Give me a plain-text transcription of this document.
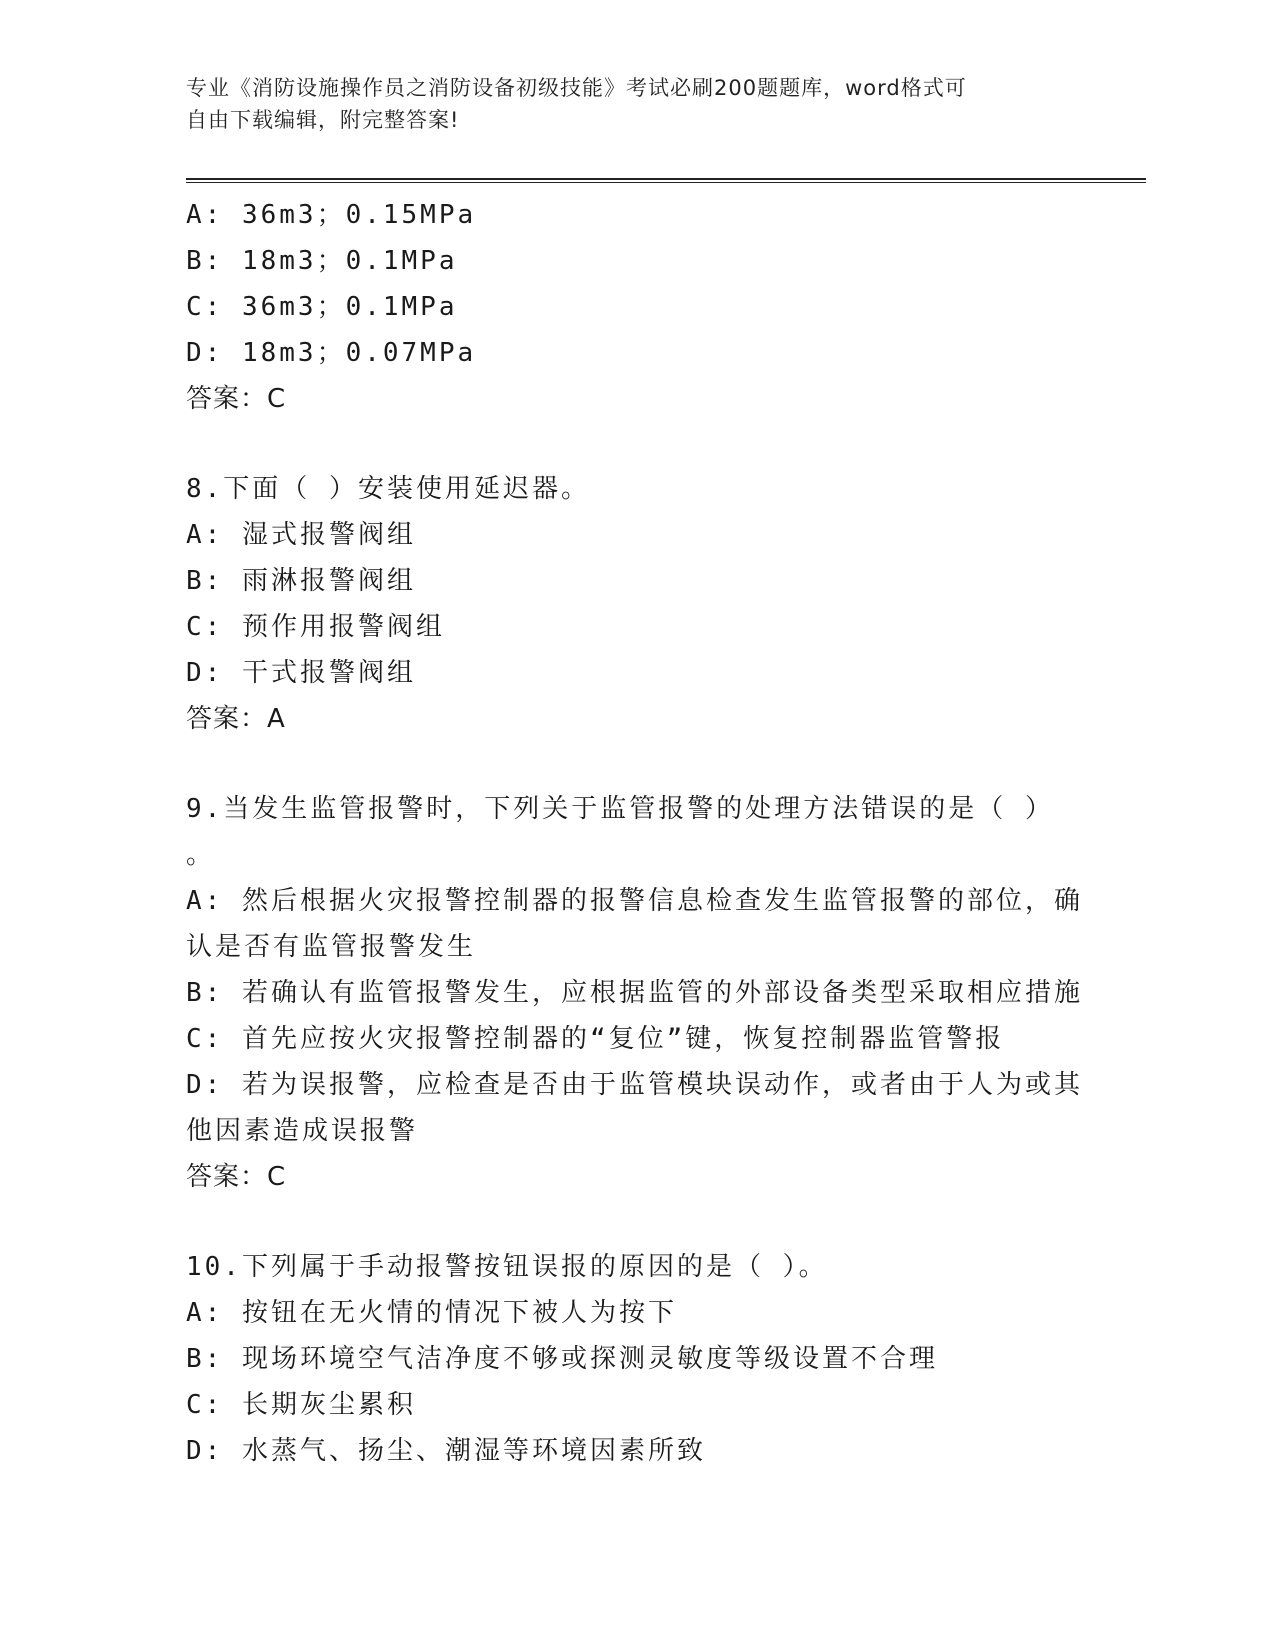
专业《消防设施操作员之消防设备初级技能》考试必刷200题题库，word格式可
自由下载编辑，附完整答案!
A: 36m3；0.15MPa
B: 18m3；0.1MPa
C: 36m3；0.1MPa
D: 18m3；0.07MPa
答案：C
8.下面（ ）安装使用延迟器。
A: 湿式报警阀组
B: 雨淋报警阀组
C: 预作用报警阀组
D: 干式报警阀组
答案：A
9.当发生监管报警时，下列关于监管报警的处理方法错误的是（ ）
。
A: 然后根据火灾报警控制器的报警信息检查发生监管报警的部位，确
认是否有监管报警发生
B: 若确认有监管报警发生，应根据监管的外部设备类型采取相应措施
C: 首先应按火灾报警控制器的“复位”键，恢复控制器监管警报
D: 若为误报警，应检查是否由于监管模块误动作，或者由于人为或其
他因素造成误报警
答案：C
10.下列属于手动报警按钮误报的原因的是（ ）。
A: 按钮在无火情的情况下被人为按下
B: 现场环境空气洁净度不够或探测灵敏度等级设置不合理
C: 长期灰尘累积
D: 水蒸气、扬尘、潮湿等环境因素所致
